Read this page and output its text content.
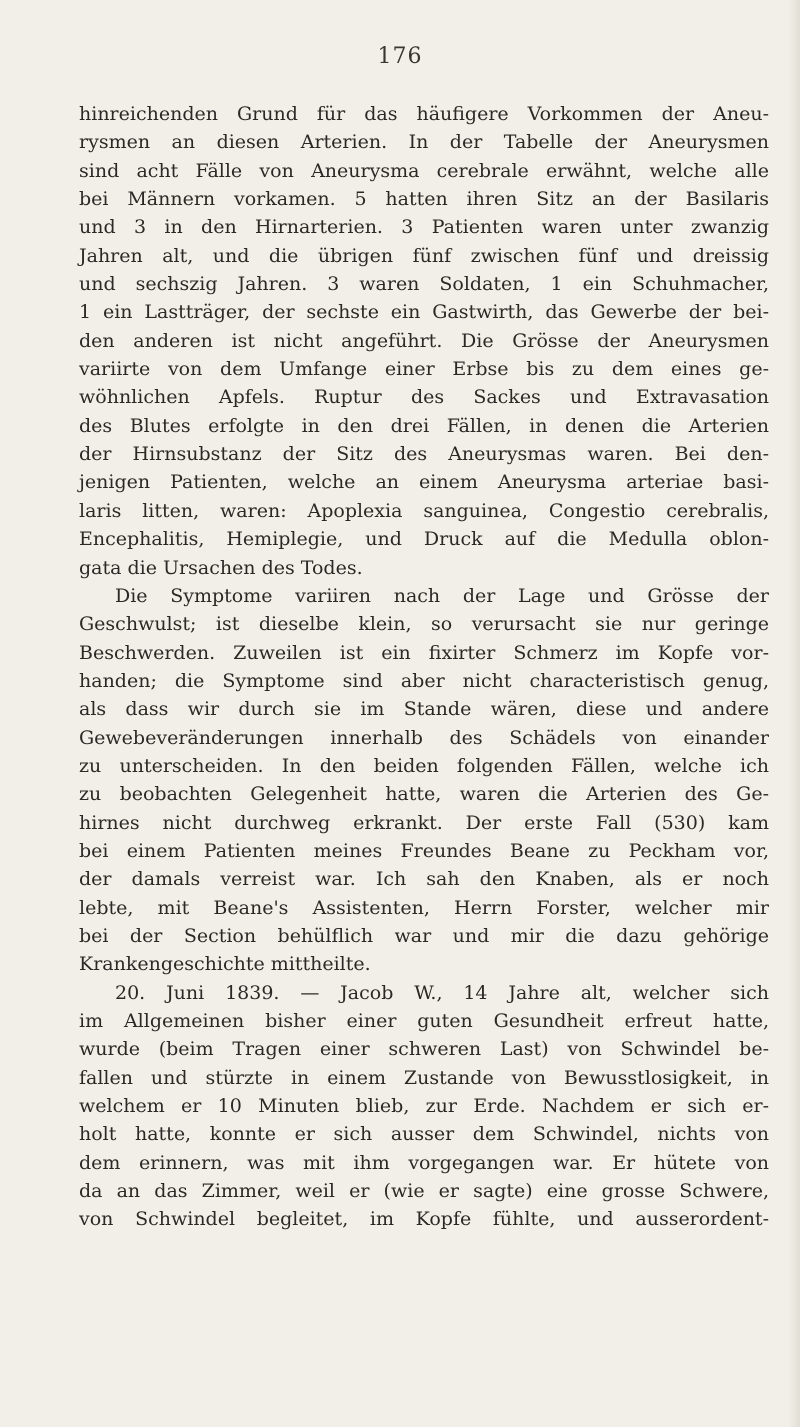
176
hinreichenden Grund für das häufigere Vorkommen der Aneu-
rysmen an diesen Arterien. In der Tabelle der Aneurysmen
sind acht Fälle von Aneurysma cerebrale erwähnt, welche alle
bei Männern vorkamen. 5 hatten ihren Sitz an der Basilaris
und 3 in den Hirnarterien. 3 Patienten waren unter zwanzig
Jahren alt, und die übrigen fünf zwischen fünf und dreissig
und sechszig Jahren. 3 waren Soldaten, 1 ein Schuhmacher,
1 ein Lastträger, der sechste ein Gastwirth, das Gewerbe der bei-
den anderen ist nicht angeführt. Die Grösse der Aneurysmen
variirte von dem Umfange einer Erbse bis zu dem eines ge-
wöhnlichen Apfels. Ruptur des Sackes und Extravasation
des Blutes erfolgte in den drei Fällen, in denen die Arterien
der Hirnsubstanz der Sitz des Aneurysmas waren. Bei den-
jenigen Patienten, welche an einem Aneurysma arteriae basi-
laris litten, waren: Apoplexia sanguinea, Congestio cerebralis,
Encephalitis, Hemiplegie, und Druck auf die Medulla oblon-
gata die Ursachen des Todes.
Die Symptome variiren nach der Lage und Grösse der
Geschwulst; ist dieselbe klein, so verursacht sie nur geringe
Beschwerden. Zuweilen ist ein fixirter Schmerz im Kopfe vor-
handen; die Symptome sind aber nicht characteristisch genug,
als dass wir durch sie im Stande wären, diese und andere
Gewebeveränderungen innerhalb des Schädels von einander
zu unterscheiden. In den beiden folgenden Fällen, welche ich
zu beobachten Gelegenheit hatte, waren die Arterien des Ge-
hirnes nicht durchweg erkrankt. Der erste Fall (530) kam
bei einem Patienten meines Freundes Beane zu Peckham vor,
der damals verreist war. Ich sah den Knaben, als er noch
lebte, mit Beane's Assistenten, Herrn Forster, welcher mir
bei der Section behülflich war und mir die dazu gehörige
Krankengeschichte mittheilte.
20. Juni 1839. — Jacob W., 14 Jahre alt, welcher sich
im Allgemeinen bisher einer guten Gesundheit erfreut hatte,
wurde (beim Tragen einer schweren Last) von Schwindel be-
fallen und stürzte in einem Zustande von Bewusstlosigkeit, in
welchem er 10 Minuten blieb, zur Erde. Nachdem er sich er-
holt hatte, konnte er sich ausser dem Schwindel, nichts von
dem erinnern, was mit ihm vorgegangen war. Er hütete von
da an das Zimmer, weil er (wie er sagte) eine grosse Schwere,
von Schwindel begleitet, im Kopfe fühlte, und ausserordent-
